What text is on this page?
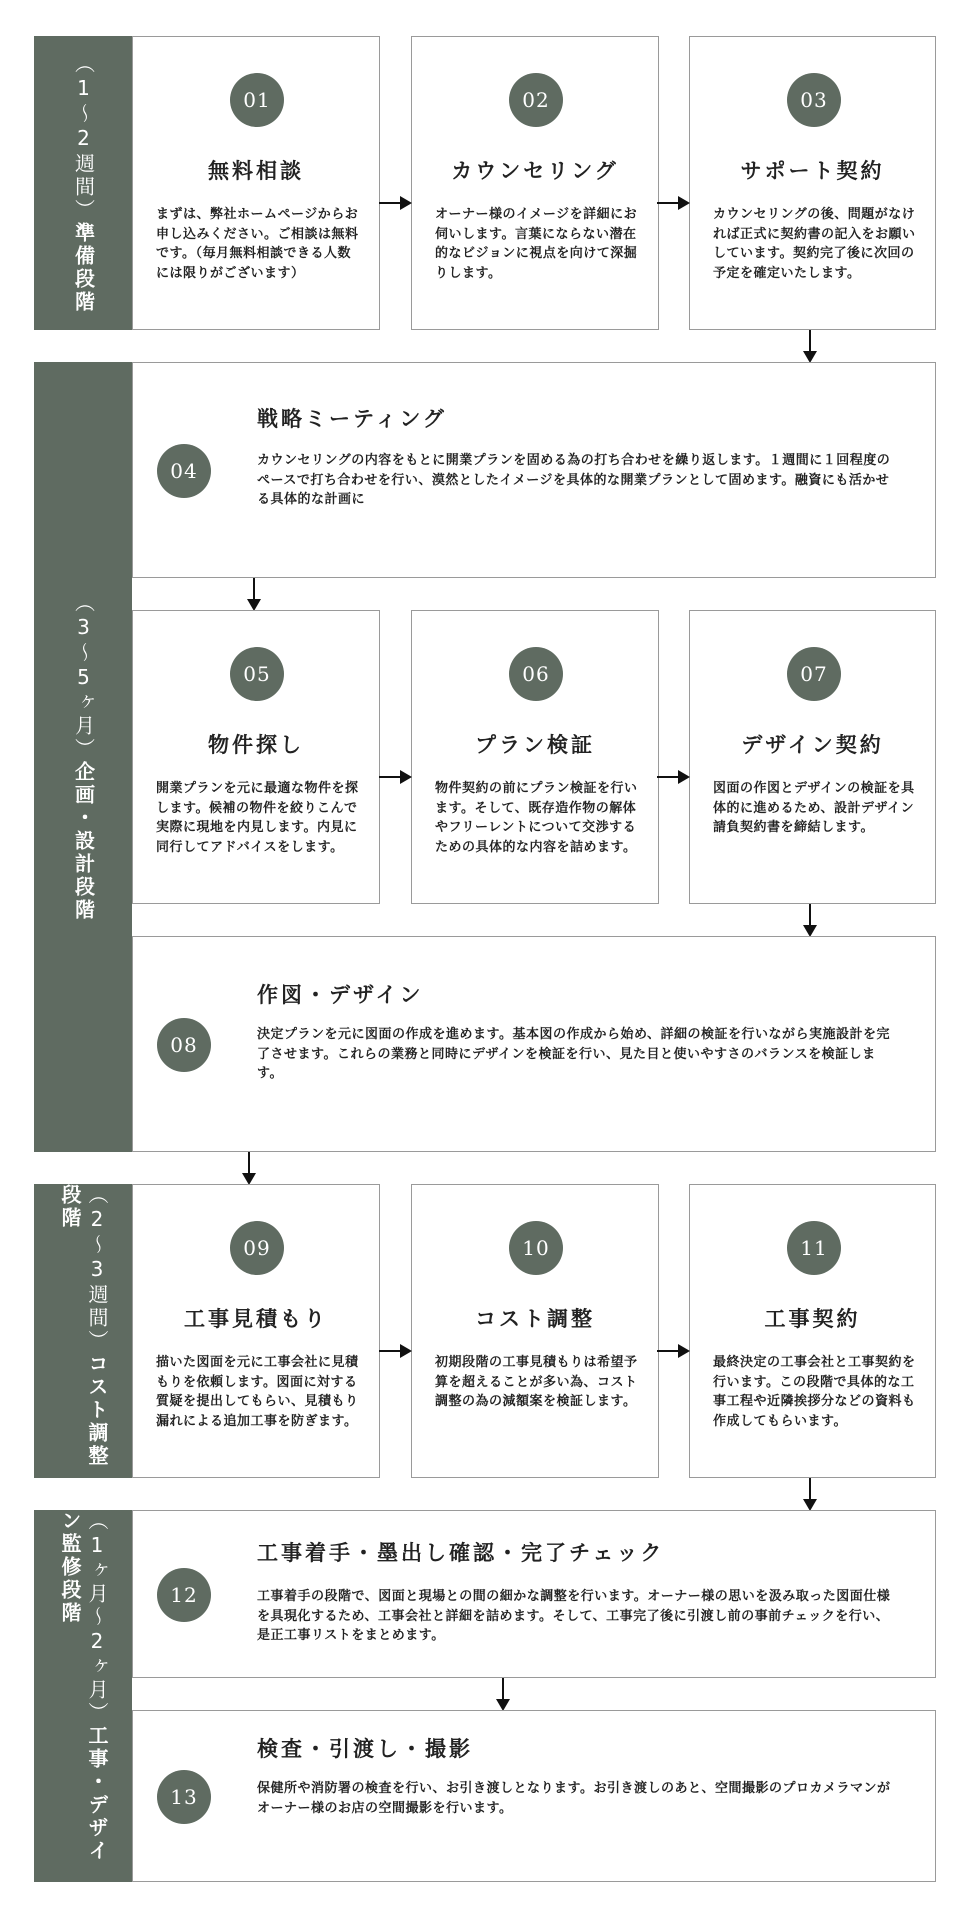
（1〜2週間）準備段階
（3〜5ヶ月）企画・設計段階
（2〜3週間）コスト調整段階
（1ヶ月〜2ヶ月）工事・デザイン監修段階
01
無料相談
まずは、弊社ホームページからお申し込みください。ご相談は無料です。（毎月無料相談できる人数には限りがございます）
02
カウンセリング
オーナー様のイメージを詳細にお伺いします。言葉にならない潜在的なビジョンに視点を向けて深掘りします。
03
サポート契約
カウンセリングの後、問題がなければ正式に契約書の記入をお願いしています。契約完了後に次回の予定を確定いたします。
04
戦略ミーティング
カウンセリングの内容をもとに開業プランを固める為の打ち合わせを繰り返します。１週間に１回程度のペースで打ち合わせを行い、漠然としたイメージを具体的な開業プランとして固めます。融資にも活かせる具体的な計画に
05
物件探し
開業プランを元に最適な物件を探します。候補の物件を絞りこんで実際に現地を内見します。内見に同行してアドバイスをします。
06
プラン検証
物件契約の前にプラン検証を行います。そして、既存造作物の解体やフリーレントについて交渉するための具体的な内容を詰めます。
07
デザイン契約
図面の作図とデザインの検証を具体的に進めるため、設計デザイン請負契約書を締結します。
08
作図・デザイン
決定プランを元に図面の作成を進めます。基本図の作成から始め、詳細の検証を行いながら実施設計を完了させます。これらの業務と同時にデザインを検証を行い、見た目と使いやすさのバランスを検証します。
09
工事見積もり
描いた図面を元に工事会社に見積もりを依頼します。図面に対する質疑を提出してもらい、見積もり漏れによる追加工事を防ぎます。
10
コスト調整
初期段階の工事見積もりは希望予算を超えることが多い為、コスト調整の為の減額案を検証します。
11
工事契約
最終決定の工事会社と工事契約を行います。この段階で具体的な工事工程や近隣挨拶分などの資料も作成してもらいます。
12
工事着手・墨出し確認・完了チェック
工事着手の段階で、図面と現場との間の細かな調整を行います。オーナー様の思いを汲み取った図面仕様を具現化するため、工事会社と詳細を詰めます。そして、工事完了後に引渡し前の事前チェックを行い、是正工事リストをまとめます。
13
検査・引渡し・撮影
保健所や消防署の検査を行い、お引き渡しとなります。お引き渡しのあと、空間撮影のプロカメラマンがオーナー様のお店の空間撮影を行います。
